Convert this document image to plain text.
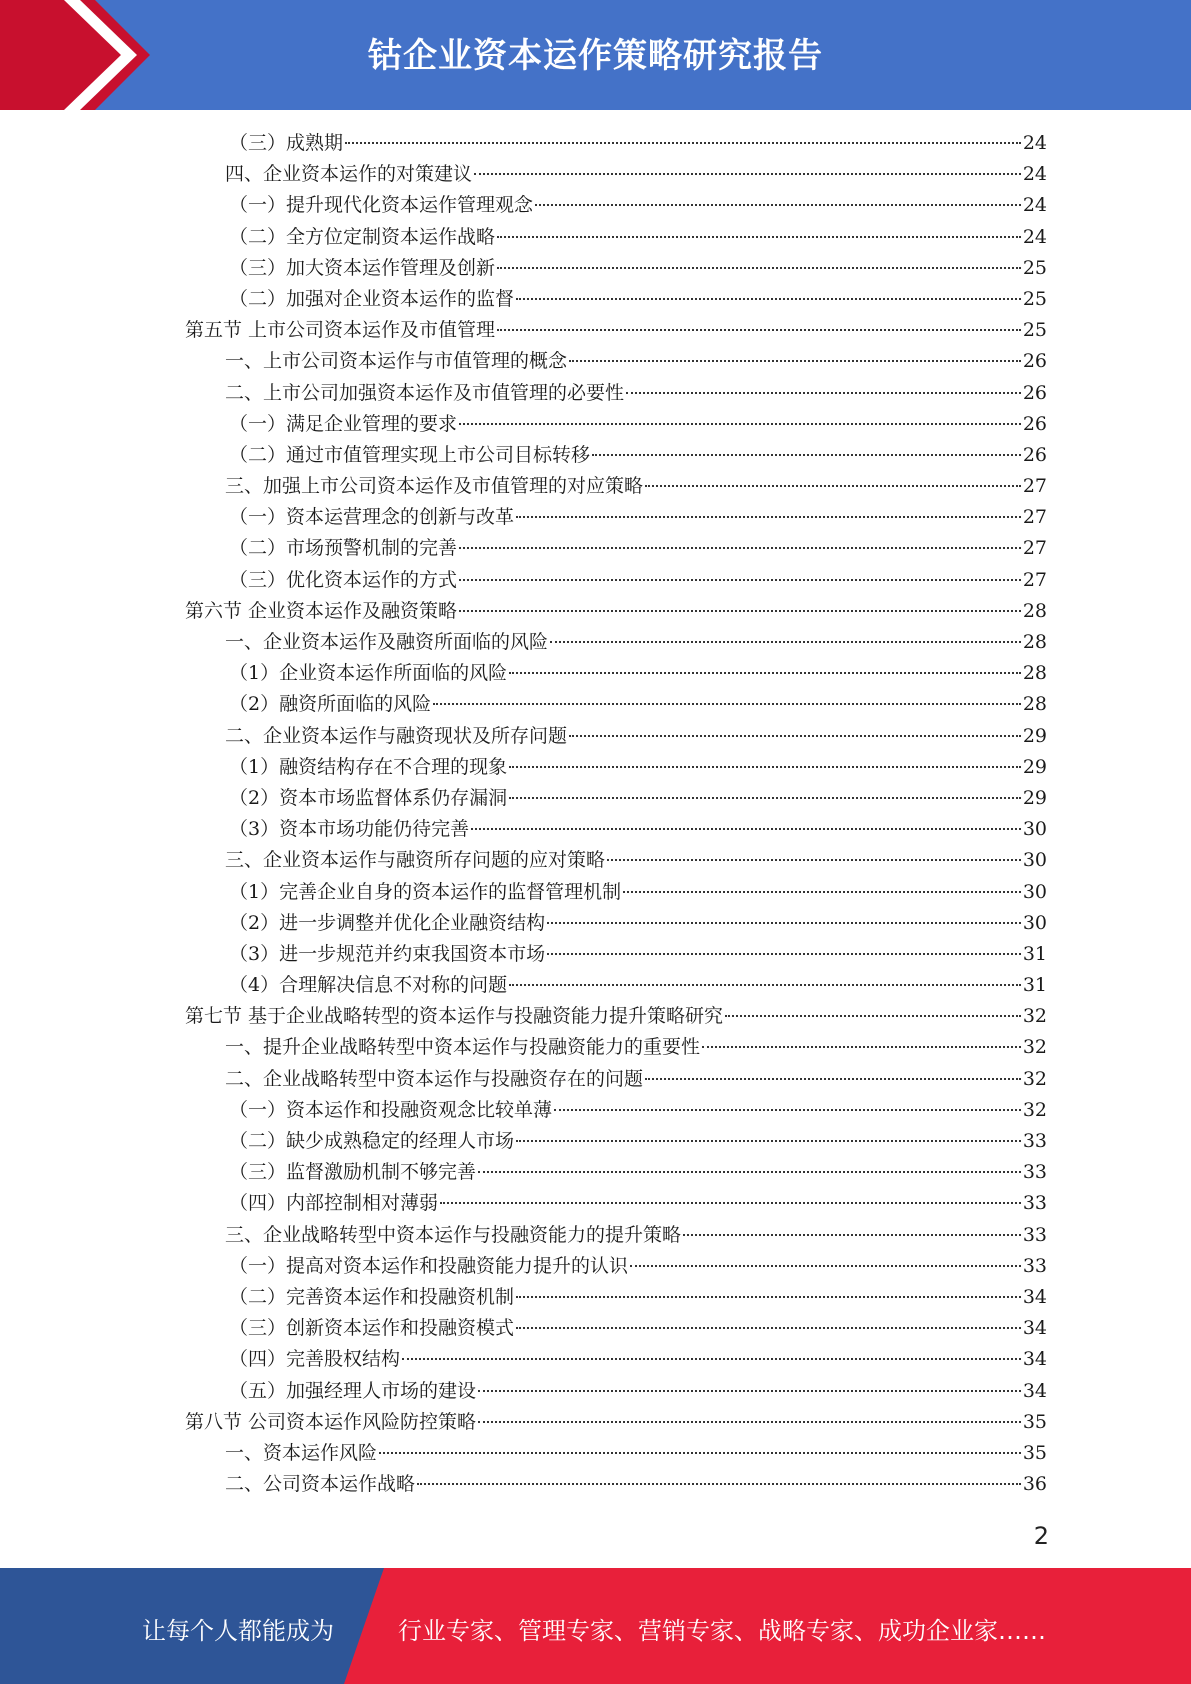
钴企业资本运作策略研究报告
（三）成熟期	24
四、企业资本运作的对策建议	24
（一）提升现代化资本运作管理观念	24
（二）全方位定制资本运作战略	24
（三）加大资本运作管理及创新	25
（二）加强对企业资本运作的监督	25
第五节 上市公司资本运作及市值管理	25
一、上市公司资本运作与市值管理的概念	26
二、上市公司加强资本运作及市值管理的必要性	26
（一）满足企业管理的要求	26
（二）通过市值管理实现上市公司目标转移	26
三、加强上市公司资本运作及市值管理的对应策略	27
（一）资本运营理念的创新与改革	27
（二）市场预警机制的完善	27
（三）优化资本运作的方式	27
第六节 企业资本运作及融资策略	28
一、企业资本运作及融资所面临的风险	28
（1）企业资本运作所面临的风险	28
（2）融资所面临的风险	28
二、企业资本运作与融资现状及所存问题	29
（1）融资结构存在不合理的现象	29
（2）资本市场监督体系仍存漏洞	29
（3）资本市场功能仍待完善	30
三、企业资本运作与融资所存问题的应对策略	30
（1）完善企业自身的资本运作的监督管理机制	30
（2）进一步调整并优化企业融资结构	30
（3）进一步规范并约束我国资本市场	31
（4）合理解决信息不对称的问题	31
第七节 基于企业战略转型的资本运作与投融资能力提升策略研究	32
一、提升企业战略转型中资本运作与投融资能力的重要性	32
二、企业战略转型中资本运作与投融资存在的问题	32
（一）资本运作和投融资观念比较单薄	32
（二）缺少成熟稳定的经理人市场	33
（三）监督激励机制不够完善	33
（四）内部控制相对薄弱	33
三、企业战略转型中资本运作与投融资能力的提升策略	33
（一）提高对资本运作和投融资能力提升的认识	33
（二）完善资本运作和投融资机制	34
（三）创新资本运作和投融资模式	34
（四）完善股权结构	34
（五）加强经理人市场的建设	34
第八节 公司资本运作风险防控策略	35
一、资本运作风险	35
二、公司资本运作战略	36
2
让每个人都能成为	行业专家、管理专家、营销专家、战略专家、成功企业家……
